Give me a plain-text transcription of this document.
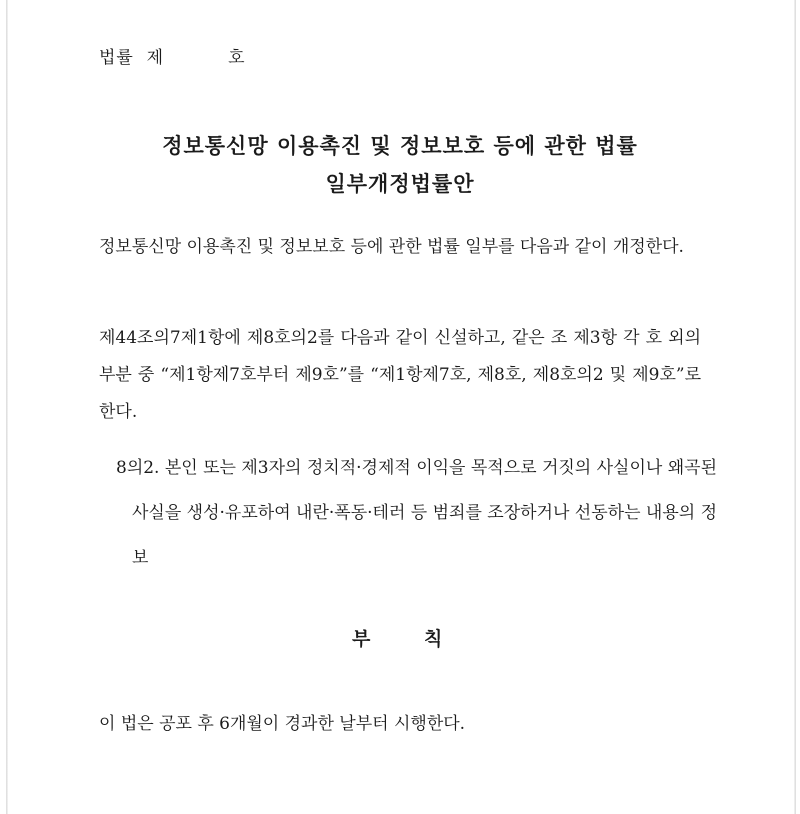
법률  제          호
정보통신망 이용촉진 및 정보보호 등에 관한 법률
일부개정법률안
정보통신망 이용촉진 및 정보보호 등에 관한 법률 일부를 다음과 같이 개정한다.
제44조의7제1항에 제8호의2를 다음과 같이 신설하고, 같은 조 제3항 각 호 외의 부분 중 “제1항제7호부터 제9호”를 “제1항제7호, 제8호, 제8호의2 및 제9호”로 한다.
8의2. 본인 또는 제3자의 정치적·경제적 이익을 목적으로 거짓의 사실이나 왜곡된 사실을 생성·유포하여 내란·폭동·테러 등 범죄를 조장하거나 선동하는 내용의 정보
부      칙
이 법은 공포 후 6개월이 경과한 날부터 시행한다.
